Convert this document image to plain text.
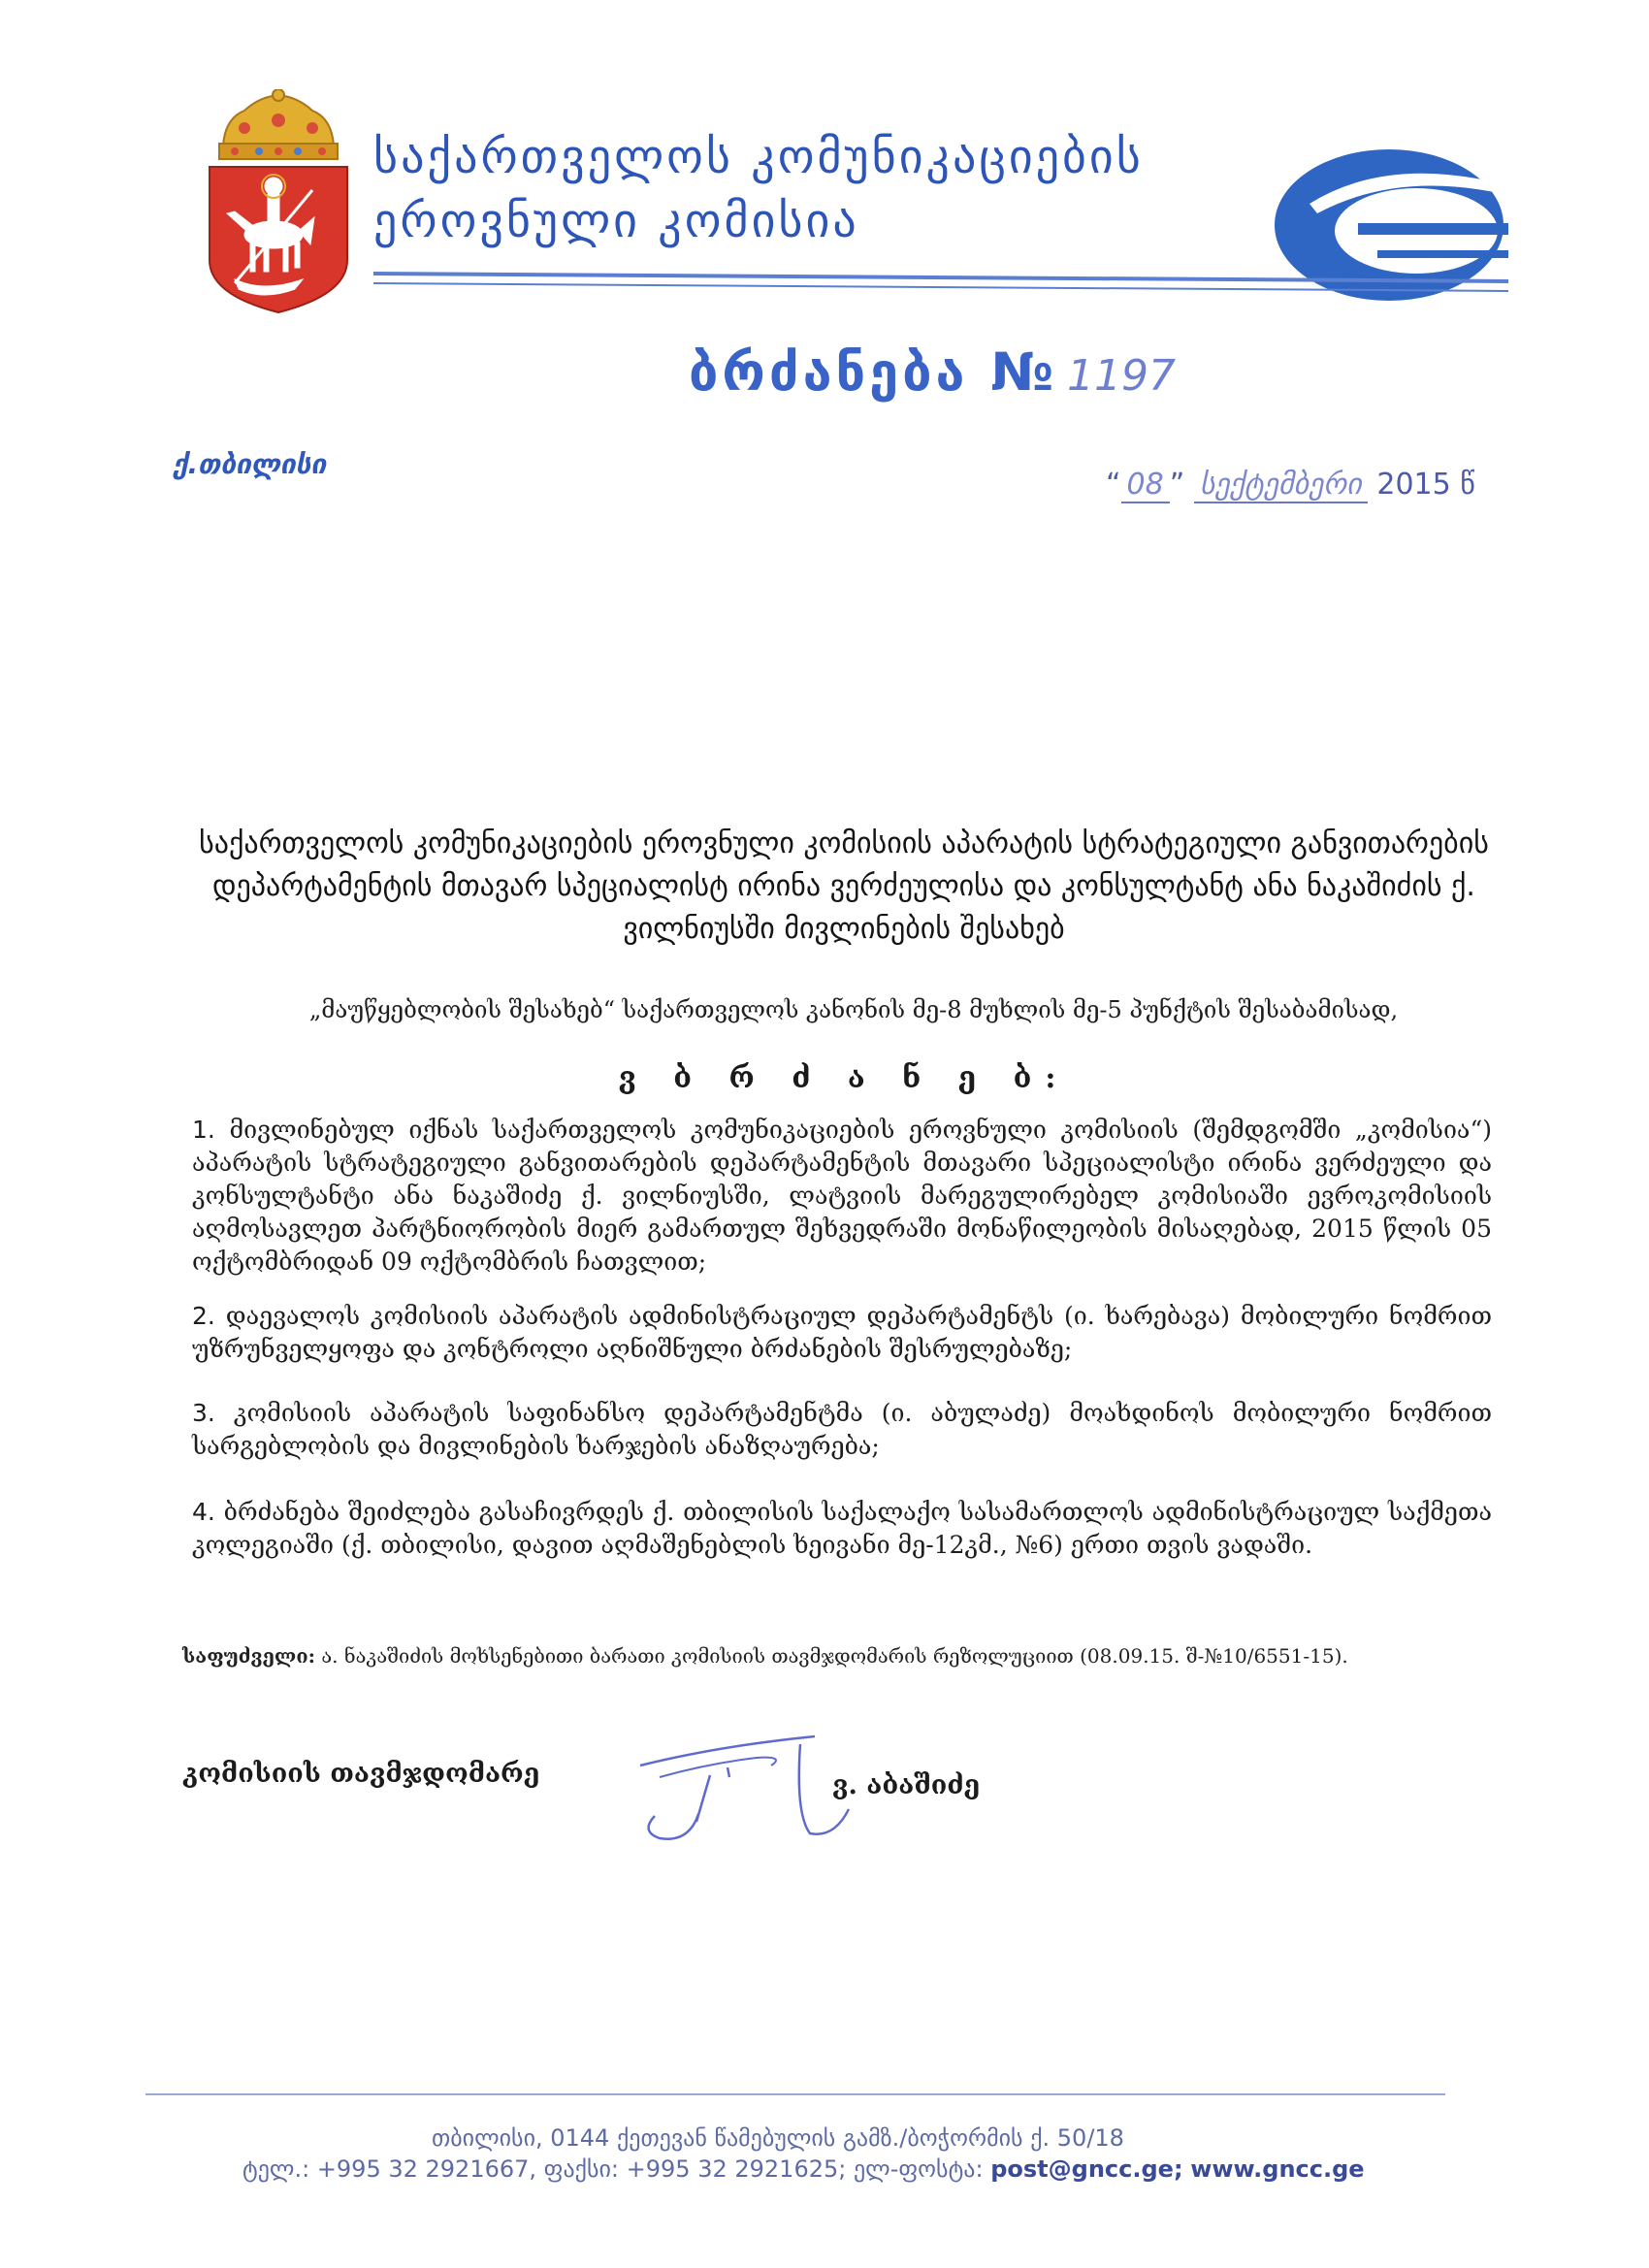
საქართველოს კომუნიკაციების
ეროვნული კომისია
ბრძანება № 1197
ქ.თბილისი
“ 08 ” სექტემბერი 2015 წ
საქართველოს კომუნიკაციების ეროვნული კომისიის აპარატის სტრატეგიული განვითარების დეპარტამენტის მთავარ სპეციალისტ ირინა ვერძეულისა და კონსულტანტ ანა ნაკაშიძის ქ. ვილნიუსში მივლინების შესახებ
„მაუწყებლობის შესახებ“ საქართველოს კანონის მე-8 მუხლის მე-5 პუნქტის შესაბამისად,
ვ ბ რ ძ ა ნ ე ბ:
1. მივლინებულ იქნას საქართველოს კომუნიკაციების ეროვნული კომისიის (შემდგომში „კომისია“) აპარატის სტრატეგიული განვითარების დეპარტამენტის მთავარი სპეციალისტი ირინა ვერძეული და კონსულტანტი ანა ნაკაშიძე ქ. ვილნიუსში, ლატვიის მარეგულირებელ კომისიაში ევროკომისიის აღმოსავლეთ პარტნიორობის მიერ გამართულ შეხვედრაში მონაწილეობის მისაღებად, 2015 წლის 05 ოქტომბრიდან 09 ოქტომბრის ჩათვლით;
2. დაევალოს კომისიის აპარატის ადმინისტრაციულ დეპარტამენტს (ი. ხარებავა) მობილური ნომრით უზრუნველყოფა და კონტროლი აღნიშნული ბრძანების შესრულებაზე;
3. კომისიის აპარატის საფინანსო დეპარტამენტმა (ი. აბულაძე) მოახდინოს მობილური ნომრით სარგებლობის და მივლინების ხარჯების ანაზღაურება;
4. ბრძანება შეიძლება გასაჩივრდეს ქ. თბილისის საქალაქო სასამართლოს ადმინისტრაციულ საქმეთა კოლეგიაში (ქ. თბილისი, დავით აღმაშენებლის ხეივანი მე-12კმ., №6) ერთი თვის ვადაში.
საფუძველი: ა. ნაკაშიძის მოხსენებითი ბარათი კომისიის თავმჯდომარის რეზოლუციით (08.09.15. შ-№10/6551-15).
კომისიის თავმჯდომარე	ვ. აბაშიძე
თბილისი, 0144 ქეთევან წამებულის გამზ./ბოჭორმის ქ. 50/18
ტელ.: +995 32 2921667, ფაქსი: +995 32 2921625; ელ-ფოსტა: post@gncc.ge; www.gncc.ge
